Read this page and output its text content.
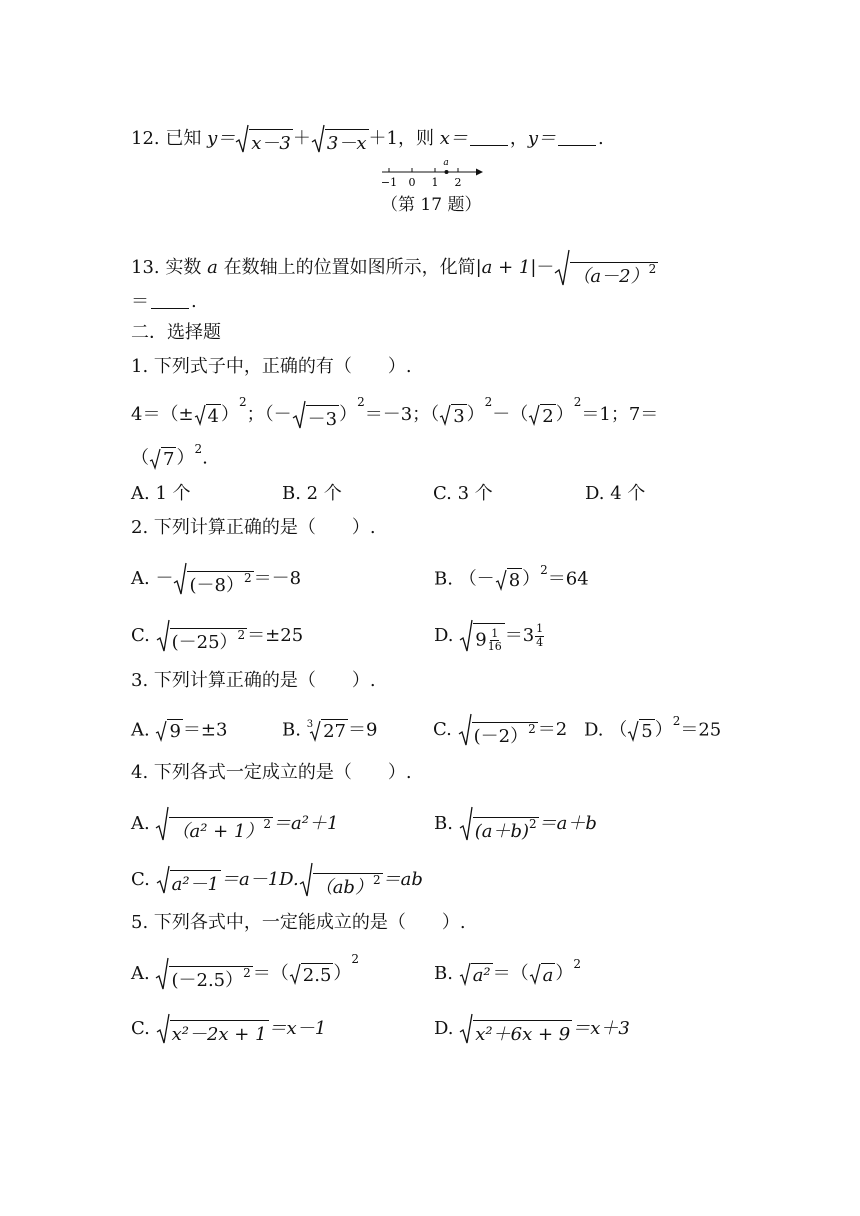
12. 已知 y＝ x－3 ＋ 3－x ＋1，则 x＝ ，y＝ .
a
−1 0 1 2
（第 17 题）
13. 实数 a 在数轴上的位置如图所示，化简$|a + 1|- (a-2)^2$
＝ .
二．选择题
1. 下列式子中，正确的有（　　）.
4＝（± 4 ）$^2$；（－ －3 ）$^2$＝－3；（ 3 ）$^2$－（ 2 ）$^2$＝1；7＝
（ 7 ）$^2$.
A. 1 个	B. 2 个	C. 3 个	D. 4 个
2. 下列计算正确的是（　　）.
A. － (－8）$^2$ ＝－8	B. （－ 8 ）$^2$＝64
C. (－25）$^2$ ＝±25	D. $9 \frac{1}{16} =3 \frac{1}{4}$
3. 下列计算正确的是（　　）.
A. 9 ＝±3	B. $^3$ 27 ＝9	C. (－2）$^2$ ＝2 D. （ 5 ）$^2$＝25
4. 下列各式一定成立的是（　　）.
A. $(a^2 + 1)^2 =a^2+1$	B. $(a+b)^2 =a+b$
C. a²－1 ＝a－1D. （ab）$^2$ ＝ab
5. 下列各式中，一定能成立的是（　　）.
A. (－2.5）$^2$ ＝（ 2.5 ）$^2$
B. a² ＝（ a ）$^2$
C. x²－2x + 1 ＝x－1	D. x²＋6x + 9 ＝x＋3
